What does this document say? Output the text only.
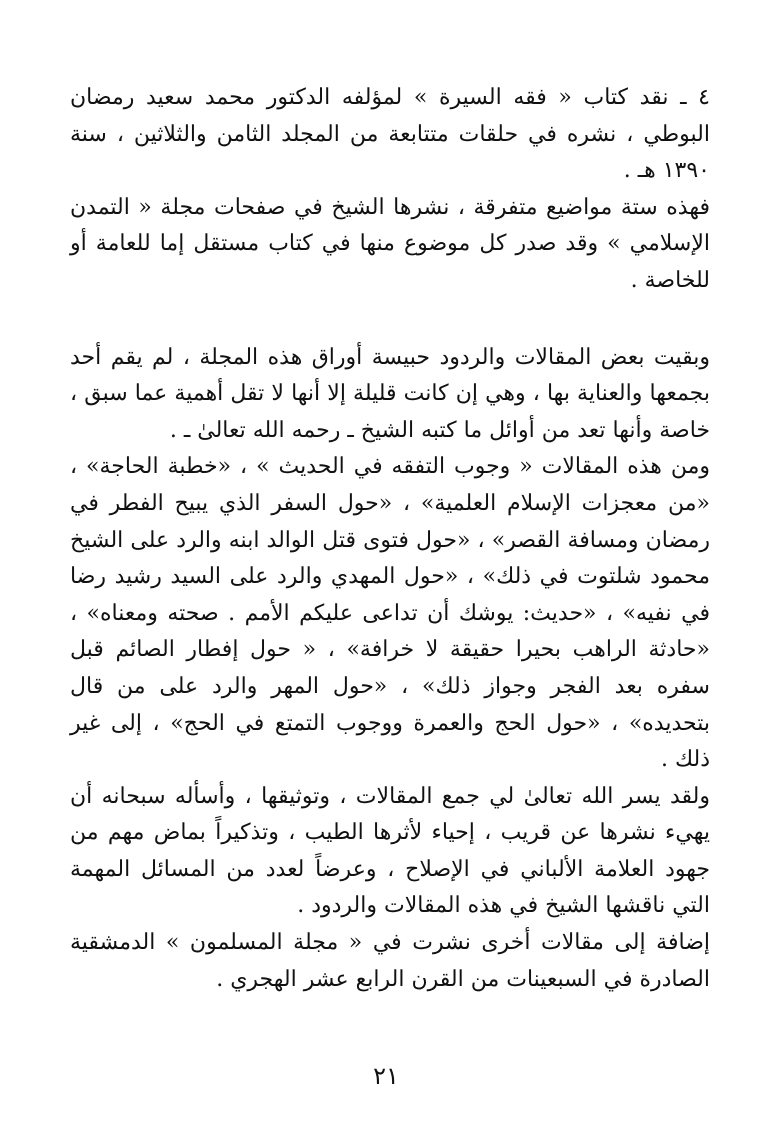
٤ ـ نقد كتاب « فقه السيرة » لمؤلفه الدكتور محمد سعيد رمضان البوطي ، نشره في حلقات متتابعة من المجلد الثامن والثلاثين ، سنة ١٣٩٠ هـ .

فهذه ستة مواضيع متفرقة ، نشرها الشيخ في صفحات مجلة « التمدن الإسلامي » وقد صدر كل موضوع منها في كتاب مستقل إما للعامة أو للخاصة .

وبقيت بعض المقالات والردود حبيسة أوراق هذه المجلة ، لم يقم أحد بجمعها والعناية بها ، وهي إن كانت قليلة إلا أنها لا تقل أهمية عما سبق ، خاصة وأنها تعد من أوائل ما كتبه الشيخ ـ رحمه الله تعالىٰ ـ .

ومن هذه المقالات « وجوب التفقه في الحديث » ، «خطبة الحاجة» ، «من معجزات الإسلام العلمية» ، «حول السفر الذي يبيح الفطر في رمضان ومسافة القصر» ، «حول فتوى قتل الوالد ابنه والرد على الشيخ محمود شلتوت في ذلك» ، «حول المهدي والرد على السيد رشيد رضا في نفيه» ، «حديث: يوشك أن تداعى عليكم الأمم . صحته ومعناه» ، «حادثة الراهب بحيرا حقيقة لا خرافة» ، « حول إفطار الصائم قبل سفره بعد الفجر وجواز ذلك» ، «حول المهر والرد على من قال بتحديده» ، «حول الحج والعمرة ووجوب التمتع في الحج» ، إلى غير ذلك .

ولقد يسر الله تعالىٰ لي جمع المقالات ، وتوثيقها ، وأسأله سبحانه أن يهيء نشرها عن قريب ، إحياء لأثرها الطيب ، وتذكيراً بماض مهم من جهود العلامة الألباني في الإصلاح ، وعرضاً لعدد من المسائل المهمة التي ناقشها الشيخ في هذه المقالات والردود .

إضافة إلى مقالات أخرى نشرت في « مجلة المسلمون » الدمشقية الصادرة في السبعينات من القرن الرابع عشر الهجري .

٢١
